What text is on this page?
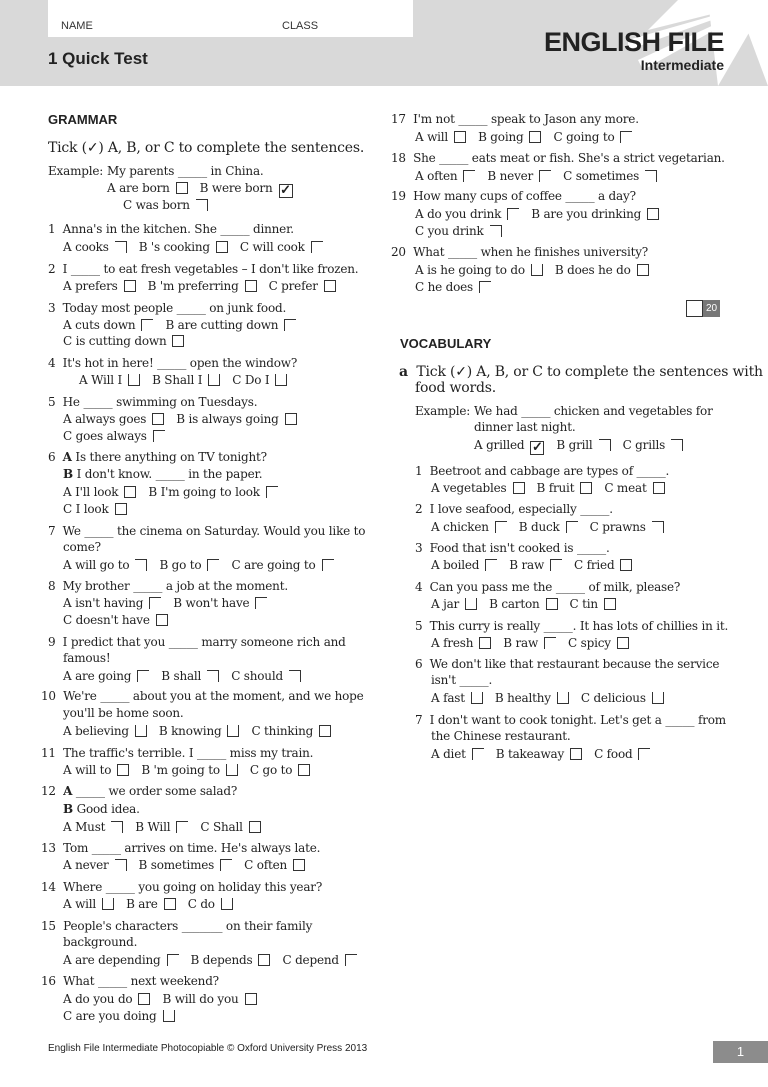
NAME	CLASS
1 Quick Test
ENGLISH FILE
Intermediate
GRAMMAR
Tick (✓) A, B, or C to complete the sentences.
Example: My parents _____ in China.
A are born	B were born ✓
C was born
1 Anna's in the kitchen. She _____ dinner.
A cooks	B 's cooking	C will cook
2 I _____ to eat fresh vegetables – I don't like frozen.
A prefers	B 'm preferring	C prefer
3 Today most people _____ on junk food.
A cuts down	B are cutting down
C is cutting down
4 It's hot in here! _____ open the window?
A Will I	B Shall I	C Do I
5 He _____ swimming on Tuesdays.
A always goes	B is always going
C goes always
6 A Is there anything on TV tonight?
B I don't know. _____ in the paper.
A I'll look	B I'm going to look
C I look
7 We _____ the cinema on Saturday. Would you like to
come?
A will go to	B go to	C are going to
8 My brother _____ a job at the moment.
A isn't having	B won't have
C doesn't have
9 I predict that you _____ marry someone rich and
famous!
A are going	B shall	C should
10 We're _____ about you at the moment, and we hope
you'll be home soon.
A believing	B knowing	C thinking
11 The traffic's terrible. I _____ miss my train.
A will to	B 'm going to	C go to
12 A _____ we order some salad?
B Good idea.
A Must	B Will	C Shall
13 Tom _____ arrives on time. He's always late.
A never	B sometimes	C often
14 Where _____ you going on holiday this year?
A will	B are	C do
15 People's characters _______ on their family
background.
A are depending	B depends	C depend
16 What _____ next weekend?
A do you do	B will do you
C are you doing
17 I'm not _____ speak to Jason any more.
A will	B going	C going to
18 She _____ eats meat or fish. She's a strict vegetarian.
A often	B never	C sometimes
19 How many cups of coffee _____ a day?
A do you drink	B are you drinking
C you drink
20 What _____ when he finishes university?
A is he going to do	B does he do
C he does
20
VOCABULARY
a Tick (✓) A, B, or C to complete the sentences with
food words.
Example: We had _____ chicken and vegetables for
dinner last night.
A grilled ✓ B grill	C grills
1 Beetroot and cabbage are types of _____.
A vegetables	B fruit	C meat
2 I love seafood, especially _____.
A chicken	B duck	C prawns
3 Food that isn't cooked is _____.
A boiled	B raw	C fried
4 Can you pass me the _____ of milk, please?
A jar	B carton	C tin
5 This curry is really _____. It has lots of chillies in it.
A fresh	B raw	C spicy
6 We don't like that restaurant because the service
isn't _____.
A fast	B healthy	C delicious
7 I don't want to cook tonight. Let's get a _____ from
the Chinese restaurant.
A diet	B takeaway	C food
English File Intermediate Photocopiable © Oxford University Press 2013	1
